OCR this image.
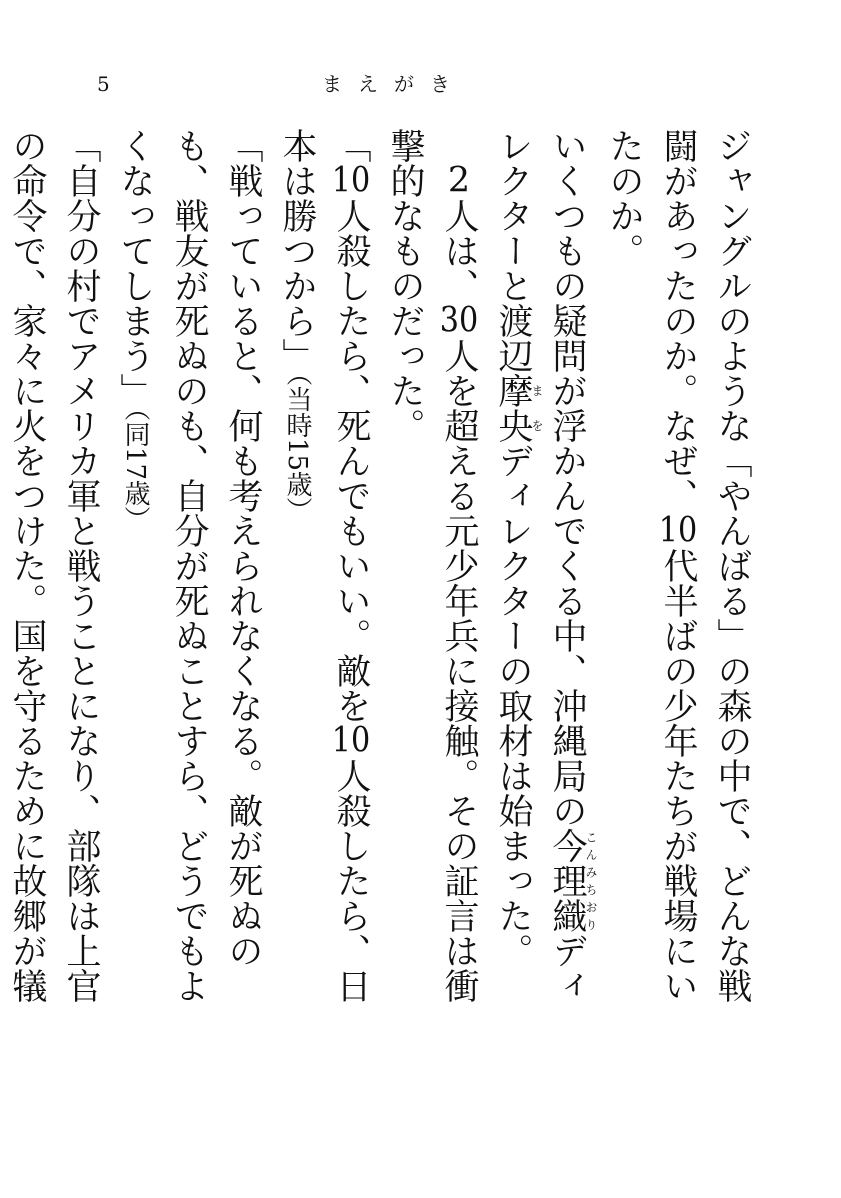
5	まえがき

ジャングルのような「やんばる」の森の中で、どんな戦闘があったのか。なぜ、10代半ばの少年たちが戦場にいたのか。

いくつもの疑問が浮かんでくる中、沖縄局の今理織こんみちおりディレクターと渡辺摩央まをディレクターの取材は始まった。

2人は、30人を超える元少年兵に接触。その証言は衝撃的なものだった。

「10人殺したら、死んでもいい。敵を10人殺したら、日本は勝つから」（当時15歳）

「戦っていると、何も考えられなくなる。敵が死ぬのも、戦友が死ぬのも、自分が死ぬことすら、どうでもよくなってしまう」（同17歳）

「自分の村でアメリカ軍と戦うことになり、部隊は上官の命令で、家々に火をつけた。国を守るために故郷が犠
